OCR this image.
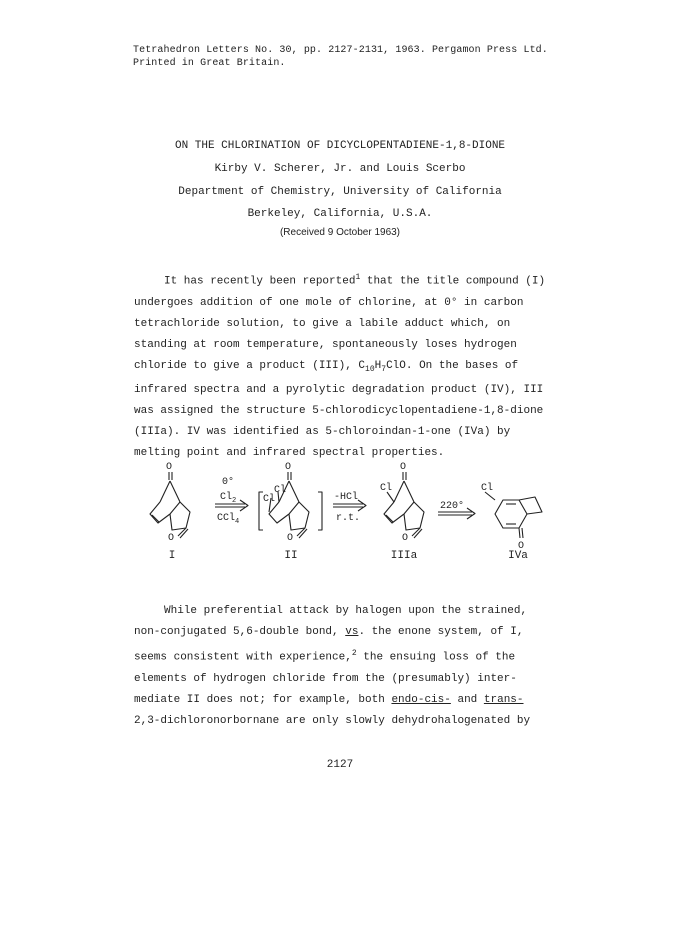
Tetrahedron Letters No. 30, pp. 2127-2131, 1963. Pergamon Press Ltd.
Printed in Great Britain.
ON THE CHLORINATION OF DICYCLOPENTADIENE-1,8-DIONE
Kirby V. Scherer, Jr. and Louis Scerbo
Department of Chemistry, University of California
Berkeley, California, U.S.A.
(Received 9 October 1963)
It has recently been reported$^1$ that the title compound (I)
undergoes addition of one mole of chlorine, at 0° in carbon
tetrachloride solution, to give a labile adduct which, on
standing at room temperature, spontaneously loses hydrogen
chloride to give a product (III), $C_{10}H_7ClO$. On the bases of
infrared spectra and a pyrolytic degradation product (IV), III
was assigned the structure 5-chlorodicyclopentadiene-1,8-dione
(IIIa). IV was identified as 5-chloroindan-1-one (IVa) by
melting point and infrared spectral properties.
O	O	O
O	O	O
O
Cl
Cl
Cl	Cl
0°
$Cl_2$
CCl$_4$
-HCl
r.t.
220°
I	II	IIIa	IVa
While preferential attack by halogen upon the strained,
non-conjugated 5,6-double bond, vs. the enone system, of I,
seems consistent with experience,$^2$ the ensuing loss of the
elements of hydrogen chloride from the (presumably) inter-
mediate II does not; for example, both endo-cis- and trans-
2,3-dichloronorbornane are only slowly dehydrohalogenated by
2127
